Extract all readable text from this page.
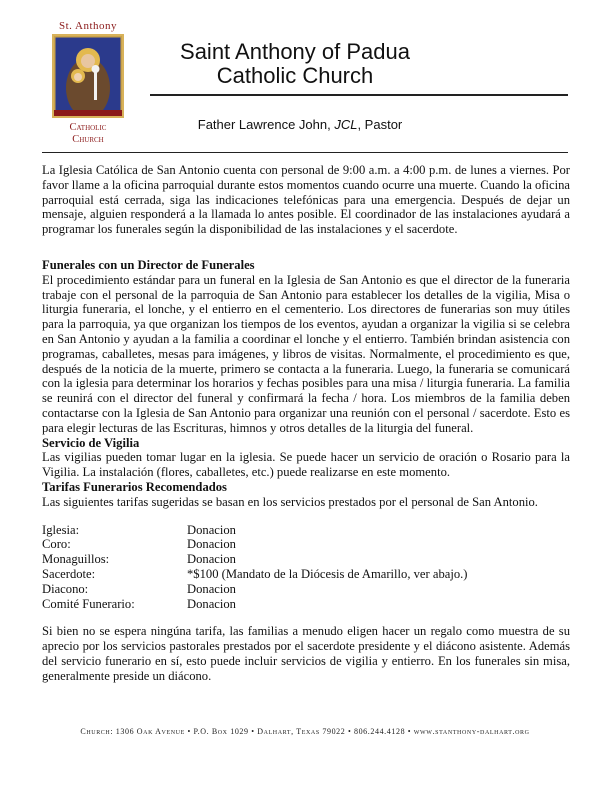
St. Anthony
Catholic
Church
Saint Anthony of Padua
Catholic Church
Father Lawrence John, JCL, Pastor

La Iglesia Católica de San Antonio cuenta con personal de 9:00 a.m. a 4:00 p.m. de lunes a viernes. Por favor llame a la oficina parroquial durante estos momentos cuando ocurre una muerte. Cuando la oficina parroquial está cerrada, siga las indicaciones telefónicas para una emergencia. Después de dejar un mensaje, alguien responderá a la llamada lo antes posible. El coordinador de las instalaciones ayudará a programar los funerales según la disponibilidad de las instalaciones y el sacerdote.

Funerales con un Director de Funerales

El procedimiento estándar para un funeral en la Iglesia de San Antonio es que el director de la funeraria trabaje con el personal de la parroquia de San Antonio para establecer los detalles de la vigilia, Misa o liturgia funeraria, el lonche, y el entierro en el cementerio. Los directores de funerarias son muy útiles para la parroquia, ya que organizan los tiempos de los eventos, ayudan a organizar la vigilia si se celebra en San Antonio y ayudan a la familia a coordinar el lonche y el entierro. También brindan asistencia con programas, caballetes, mesas para imágenes, y libros de visitas. Normalmente, el procedimiento es que, después de la noticia de la muerte, primero se contacta a la funeraria. Luego, la funeraria se comunicará con la iglesia para determinar los horarios y fechas posibles para una misa / liturgia funeraria. La familia se reunirá con el director del funeral y confirmará la fecha / hora. Los miembros de la familia deben contactarse con la Iglesia de San Antonio para organizar una reunión con el personal / sacerdote. Esto es para elegir lecturas de las Escrituras, himnos y otros detalles de la liturgia del funeral.

Servicio de Vigilia

Las vigilias pueden tomar lugar en la iglesia. Se puede hacer un servicio de oración o Rosario para la Vigilia. La instalación (flores, caballetes, etc.) puede realizarse en este momento.

Tarifas Funerarios Recomendados

Las siguientes tarifas sugeridas se basan en los servicios prestados por el personal de San Antonio.

Iglesia:	Donacion
Coro:	Donacion
Monaguillos:	Donacion
Sacerdote:	*$100 (Mandato de la Diócesis de Amarillo, ver abajo.)
Diacono:	Donacion
Comité Funerario:	Donacion

Si bien no se espera ningúna tarifa, las familias a menudo eligen hacer un regalo como muestra de su aprecio por los servicios pastorales prestados por el sacerdote presidente y el diácono asistente. Además del servicio funerario en sí, esto puede incluir servicios de vigilia y entierro. En los funerales sin misa, generalmente preside un diácono.

Church: 1306 Oak Avenue • P.O. Box 1029 • Dalhart, Texas 79022 • 806.244.4128 • www.stanthony-dalhart.org
